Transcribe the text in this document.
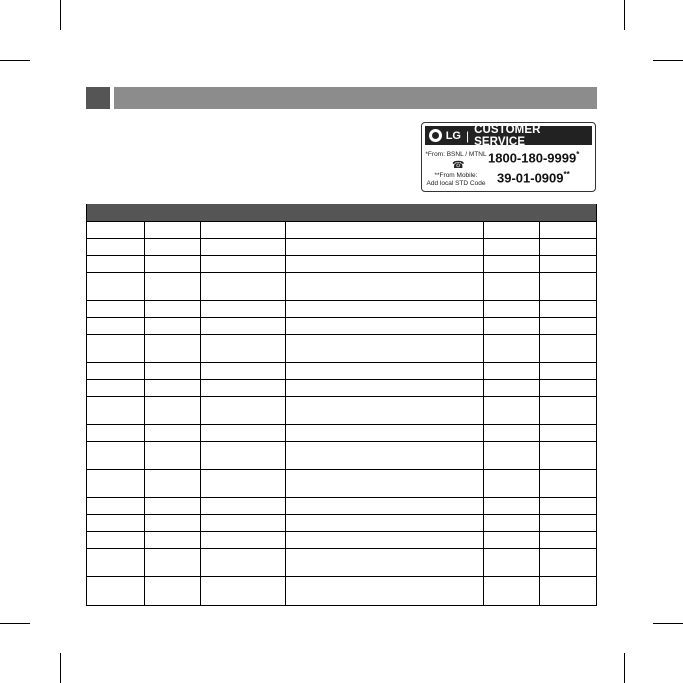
LG | CUSTOMER SERVICE
*From: BSNL / MTNL
☎
**From Mobile:
Add local STD Code
1800-180-9999*
39-01-0909**
